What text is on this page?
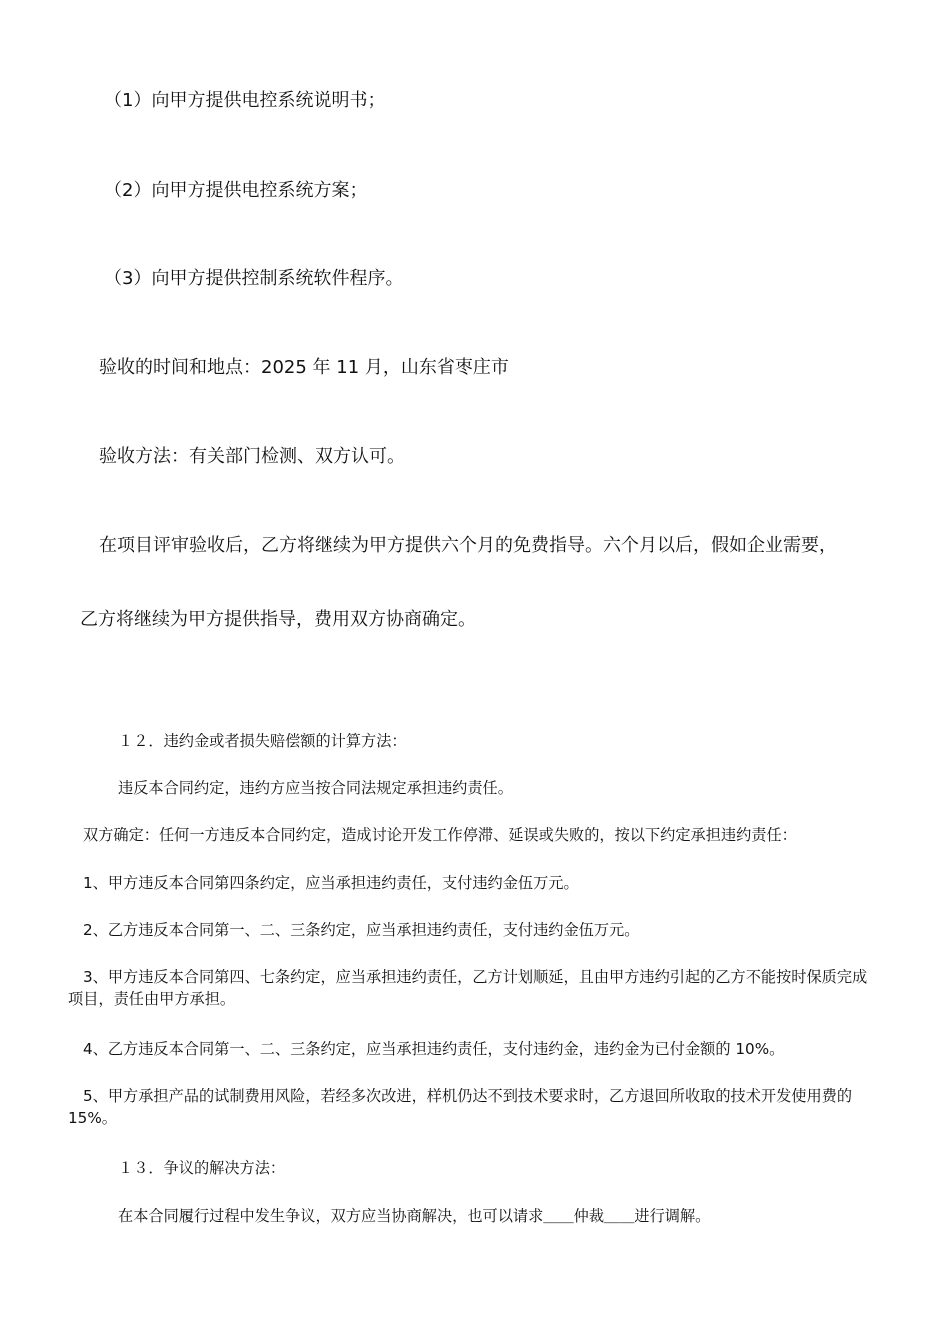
（1）向甲方提供电控系统说明书；
（2）向甲方提供电控系统方案；
（3）向甲方提供控制系统软件程序。
验收的时间和地点：2025 年 11 月，山东省枣庄市
验收方法：有关部门检测、双方认可。
在项目评审验收后，乙方将继续为甲方提供六个月的免费指导。六个月以后，假如企业需要，
乙方将继续为甲方提供指导，费用双方协商确定。
１２．违约金或者损失赔偿额的计算方法：
违反本合同约定，违约方应当按合同法规定承担违约责任。
双方确定：任何一方违反本合同约定，造成讨论开发工作停滞、延误或失败的，按以下约定承担违约责任：
1、甲方违反本合同第四条约定，应当承担违约责任，支付违约金伍万元。
2、乙方违反本合同第一、二、三条约定，应当承担违约责任，支付违约金伍万元。
3、甲方违反本合同第四、七条约定，应当承担违约责任，乙方计划顺延，且由甲方违约引起的乙方不能按时保质完成项目，责任由甲方承担。
4、乙方违反本合同第一、二、三条约定，应当承担违约责任，支付违约金，违约金为已付金额的 10%。
5、甲方承担产品的试制费用风险，若经多次改进，样机仍达不到技术要求时，乙方退回所收取的技术开发使用费的 15%。
１３．争议的解决方法：
在本合同履行过程中发生争议，双方应当协商解决，也可以请求＿＿仲裁＿＿进行调解。
